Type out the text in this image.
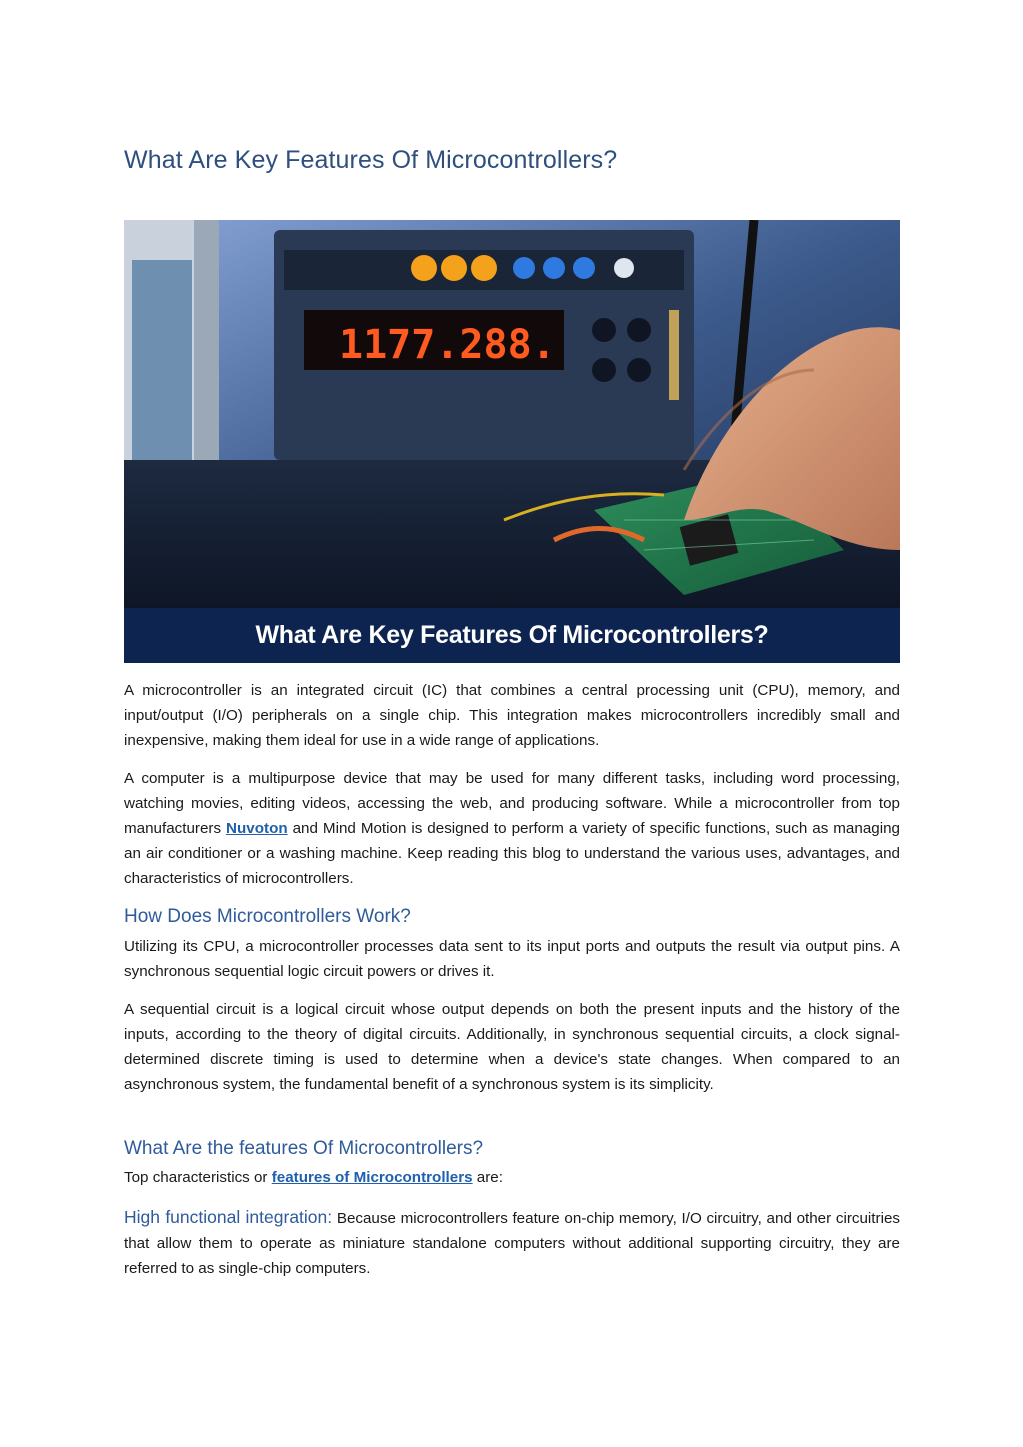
What Are Key Features Of Microcontrollers?
1177.288.
What Are Key Features Of Microcontrollers?

A microcontroller is an integrated circuit (IC) that combines a central processing unit (CPU), memory, and input/output (I/O) peripherals on a single chip. This integration makes microcontrollers incredibly small and inexpensive, making them ideal for use in a wide range of applications.

A computer is a multipurpose device that may be used for many different tasks, including word processing, watching movies, editing videos, accessing the web, and producing software. While a microcontroller from top manufacturers Nuvoton and Mind Motion is designed to perform a variety of specific functions, such as managing an air conditioner or a washing machine. Keep reading this blog to understand the various uses, advantages, and characteristics of microcontrollers.

How Does Microcontrollers Work?

Utilizing its CPU, a microcontroller processes data sent to its input ports and outputs the result via output pins. A synchronous sequential logic circuit powers or drives it.

A sequential circuit is a logical circuit whose output depends on both the present inputs and the history of the inputs, according to the theory of digital circuits. Additionally, in synchronous sequential circuits, a clock signal-determined discrete timing is used to determine when a device's state changes. When compared to an asynchronous system, the fundamental benefit of a synchronous system is its simplicity.

What Are the features Of Microcontrollers?

Top characteristics or features of Microcontrollers are:

High functional integration: Because microcontrollers feature on-chip memory, I/O circuitry, and other circuitries that allow them to operate as miniature standalone computers without additional supporting circuitry, they are referred to as single-chip computers.
